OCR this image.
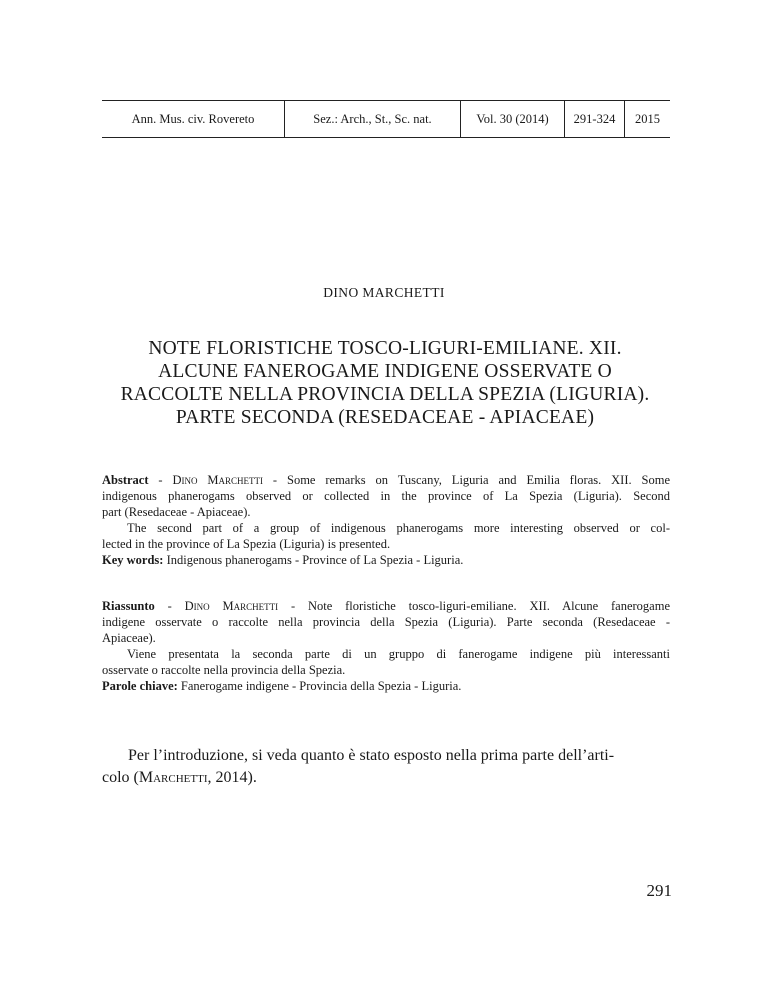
Ann. Mus. civ. Rovereto	Sez.: Arch., St., Sc. nat.	Vol. 30 (2014)	291-324	2015
DINO MARCHETTI
NOTE FLORISTICHE TOSCO-LIGURI-EMILIANE. XII.
ALCUNE FANEROGAME INDIGENE OSSERVATE O
RACCOLTE NELLA PROVINCIA DELLA SPEZIA (LIGURIA).
PARTE SECONDA (RESEDACEAE - APIACEAE)
Abstract - Dino Marchetti - Some remarks on Tuscany, Liguria and Emilia floras. XII. Some
indigenous phanerogams observed or collected in the province of La Spezia (Liguria). Second
part (Resedaceae - Apiaceae).
The second part of a group of indigenous phanerogams more interesting observed or col-
lected in the province of La Spezia (Liguria) is presented.
Key words: Indigenous phanerogams - Province of La Spezia - Liguria.
Riassunto - Dino Marchetti - Note floristiche tosco-liguri-emiliane. XII. Alcune fanerogame
indigene osservate o raccolte nella provincia della Spezia (Liguria). Parte seconda (Resedaceae -
Apiaceae).
Viene presentata la seconda parte di un gruppo di fanerogame indigene più interessanti
osservate o raccolte nella provincia della Spezia.
Parole chiave: Fanerogame indigene - Provincia della Spezia - Liguria.
Per l’introduzione, si veda quanto è stato esposto nella prima parte dell’arti-
colo (Marchetti, 2014).
291
